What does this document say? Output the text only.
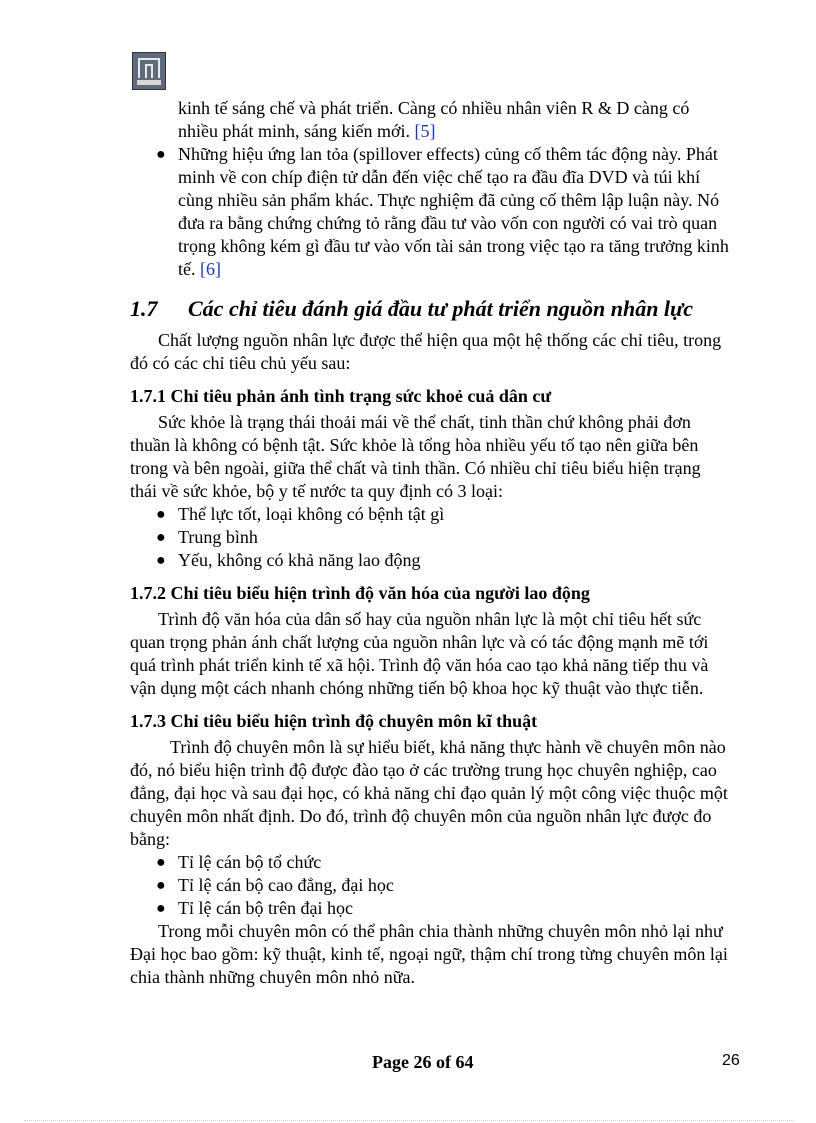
kinh tế sáng chế và phát triển. Càng có nhiều nhân viên R & D càng có nhiều phát minh, sáng kiến mới. [5]

● Những hiệu ứng lan tỏa (spillover effects) củng cố thêm tác động này. Phát minh về con chíp điện tử dẫn đến việc chế tạo ra đầu đĩa DVD và túi khí cùng nhiều sản phẩm khác. Thực nghiệm đã củng cố thêm lập luận này. Nó đưa ra bằng chứng chứng tỏ rằng đầu tư vào vốn con người có vai trò quan trọng không kém gì đầu tư vào vốn tài sản trong việc tạo ra tăng trưởng kinh tế. [6]
1.7 Các chỉ tiêu đánh giá đầu tư phát triển nguồn nhân lực

Chất lượng nguồn nhân lực được thể hiện qua một hệ thống các chỉ tiêu, trong đó có các chỉ tiêu chủ yếu sau:

1.7.1 Chỉ tiêu phản ánh tình trạng sức khoẻ cuả dân cư

Sức khỏe là trạng thái thoải mái về thể chất, tinh thần chứ không phải đơn thuần là không có bệnh tật. Sức khỏe là tổng hòa nhiều yếu tố tạo nên giữa bên trong và bên ngoài, giữa thể chất và tinh thần. Có nhiều chỉ tiêu biểu hiện trạng thái về sức khỏe, bộ y tế nước ta quy định có 3 loại:

● Thể lực tốt, loại không có bệnh tật gì
● Trung bình
● Yếu, không có khả năng lao động
1.7.2 Chỉ tiêu biểu hiện trình độ văn hóa của người lao động

Trình độ văn hóa của dân số hay của nguồn nhân lực là một chỉ tiêu hết sức quan trọng phản ánh chất lượng của nguồn nhân lực và có tác động mạnh mẽ tới quá trình phát triển kinh tế xã hội. Trình độ văn hóa cao tạo khả năng tiếp thu và vận dụng một cách nhanh chóng những tiến bộ khoa học kỹ thuật vào thực tiễn.

1.7.3 Chỉ tiêu biểu hiện trình độ chuyên môn kĩ thuật

Trình độ chuyên môn là sự hiểu biết, khả năng thực hành về chuyên môn nào đó, nó biểu hiện trình độ được đào tạo ở các trường trung học chuyên nghiệp, cao đẳng, đại học và sau đại học, có khả năng chỉ đạo quản lý một công việc thuộc một chuyên môn nhất định. Do đó, trình độ chuyên môn của nguồn nhân lực được đo bằng:

● Tỉ lệ cán bộ tổ chức
● Tỉ lệ cán bộ cao đẳng, đại học
● Tỉ lệ cán bộ trên đại học

Trong mỗi chuyên môn có thể phân chia thành những chuyên môn nhỏ lại như Đại học bao gồm: kỹ thuật, kinh tế, ngoại ngữ, thậm chí trong từng chuyên môn lại chia thành những chuyên môn nhỏ nữa.

Page 26 of 64	26
